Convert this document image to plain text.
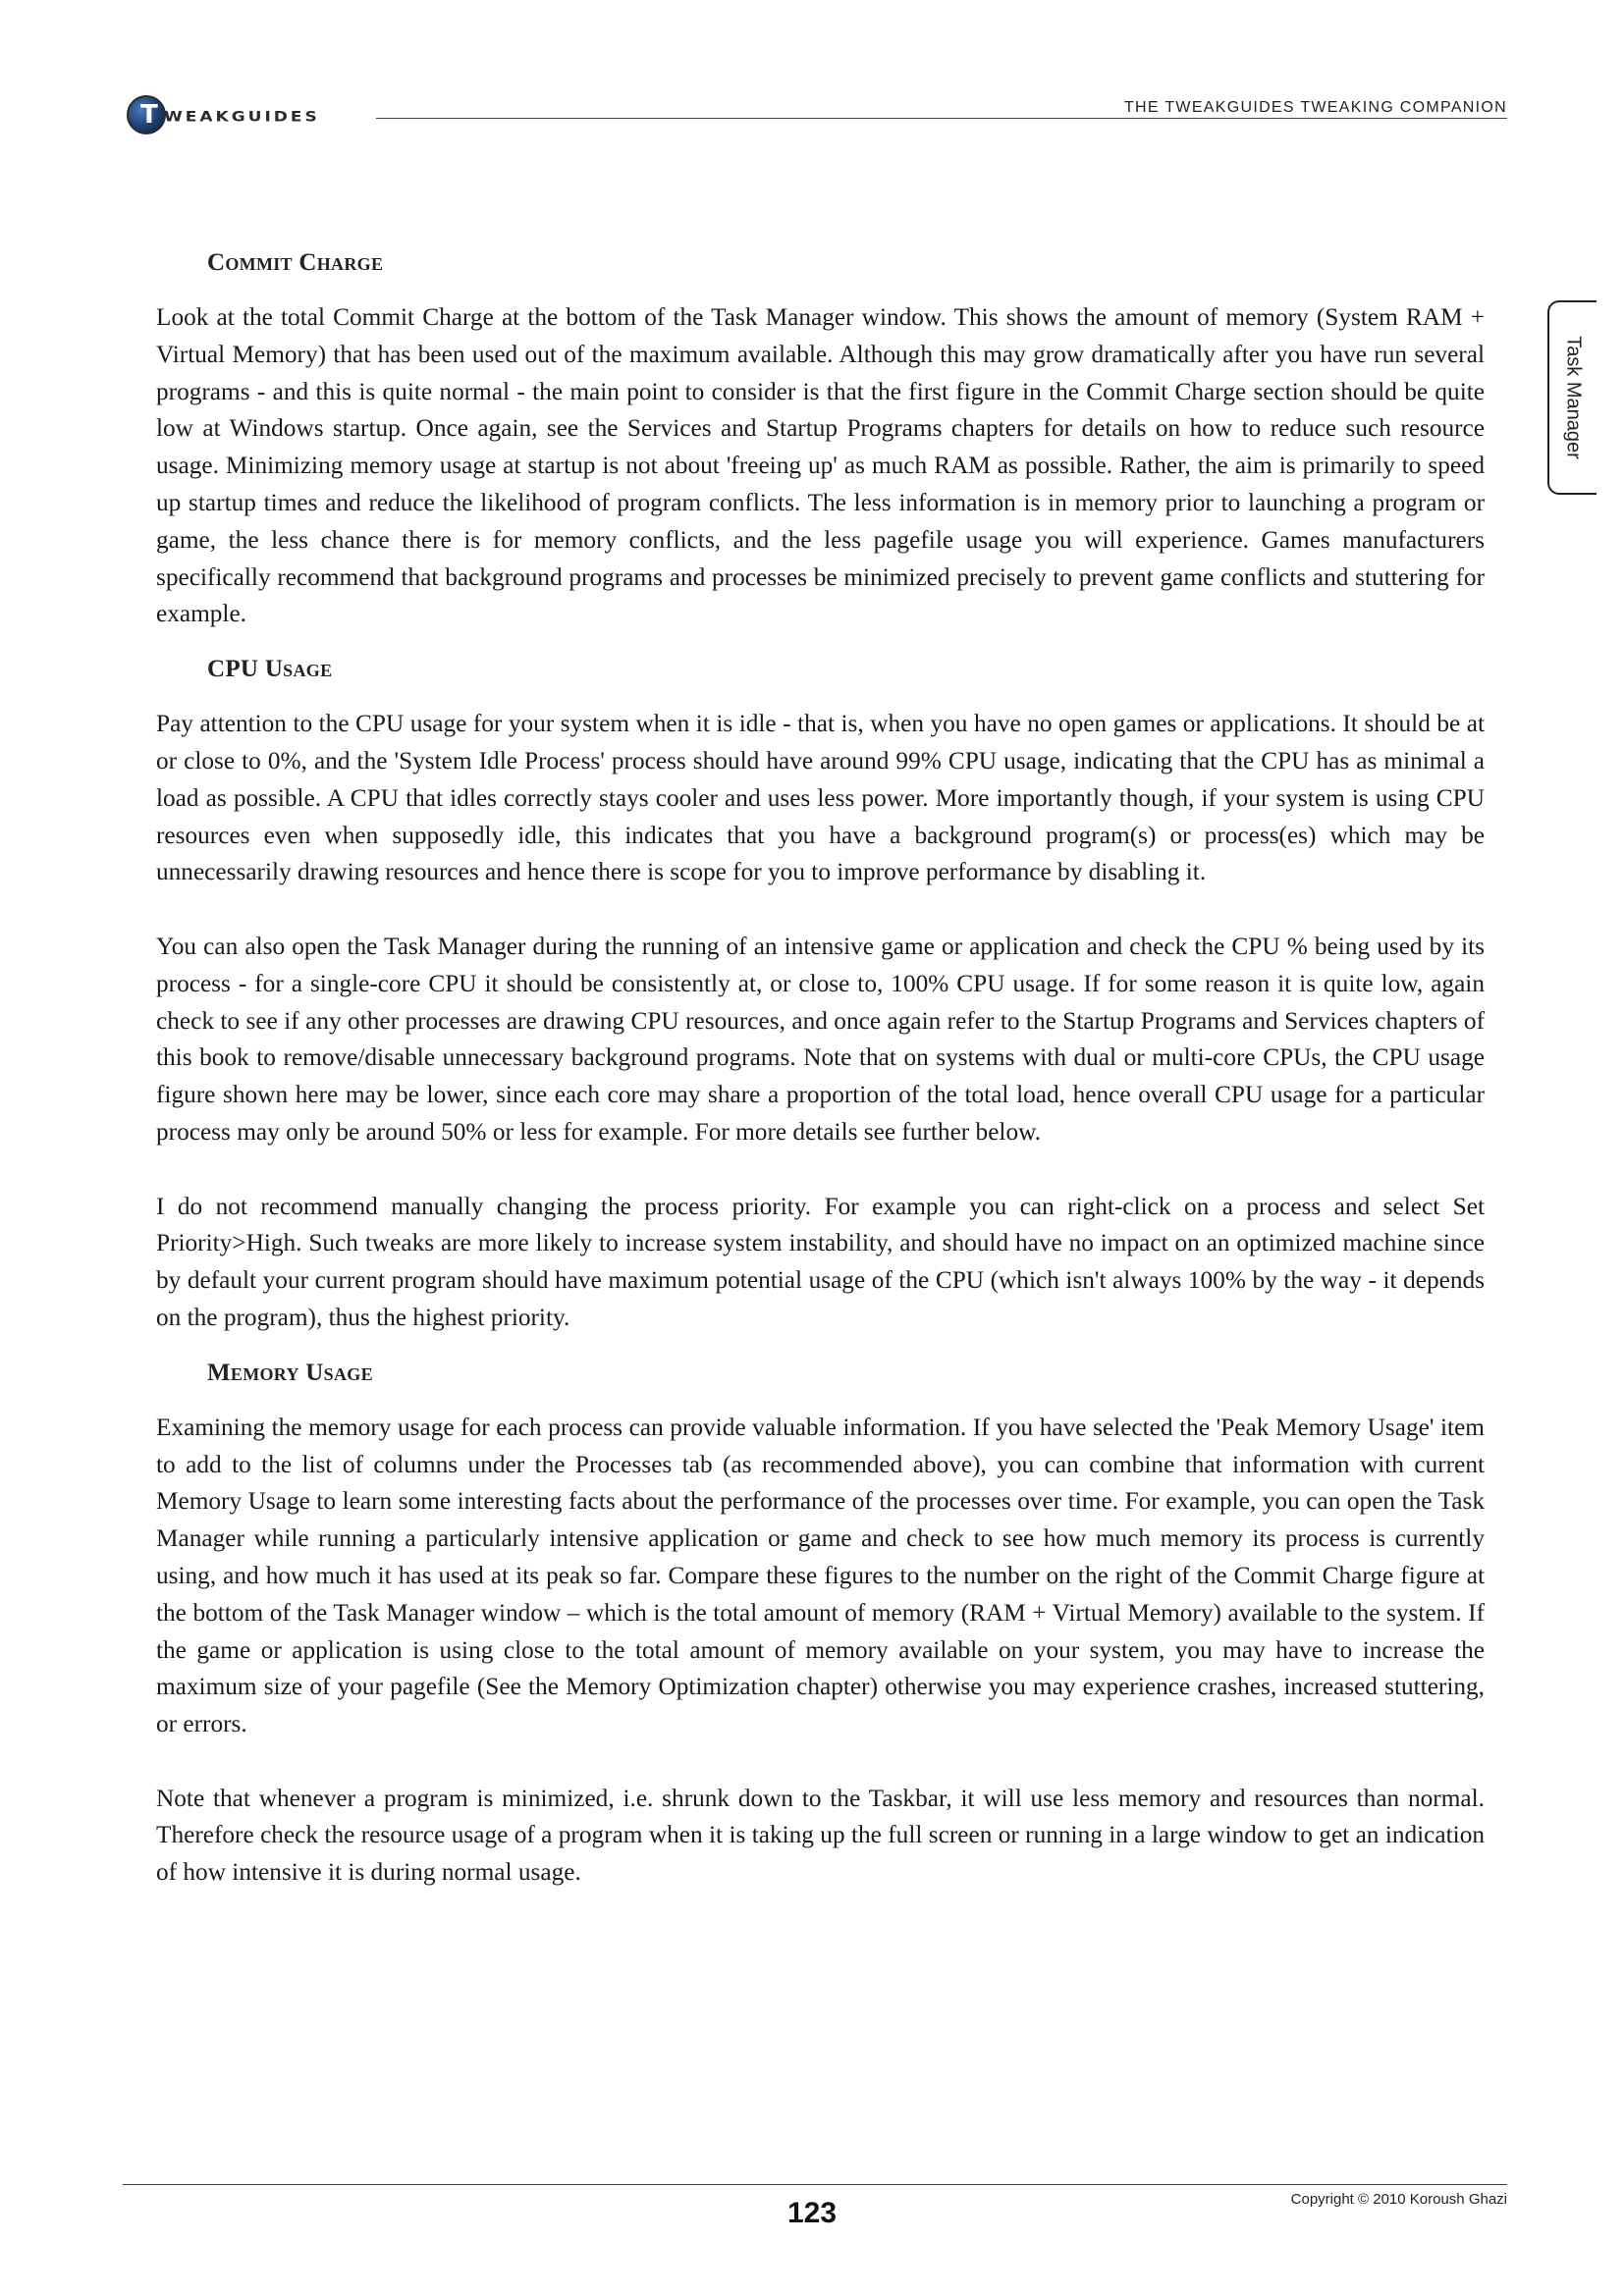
T WEAKGUIDES
THE TWEAKGUIDES TWEAKING COMPANION
Task Manager
Commit Charge

Look at the total Commit Charge at the bottom of the Task Manager window. This shows the amount of memory (System RAM + Virtual Memory) that has been used out of the maximum available. Although this may grow dramatically after you have run several programs - and this is quite normal - the main point to consider is that the first figure in the Commit Charge section should be quite low at Windows startup. Once again, see the Services and Startup Programs chapters for details on how to reduce such resource usage. Minimizing memory usage at startup is not about 'freeing up' as much RAM as possible. Rather, the aim is primarily to speed up startup times and reduce the likelihood of program conflicts. The less information is in memory prior to launching a program or game, the less chance there is for memory conflicts, and the less pagefile usage you will experience. Games manufacturers specifically recommend that background programs and processes be minimized precisely to prevent game conflicts and stuttering for example.

CPU Usage

Pay attention to the CPU usage for your system when it is idle - that is, when you have no open games or applications. It should be at or close to 0%, and the 'System Idle Process' process should have around 99% CPU usage, indicating that the CPU has as minimal a load as possible. A CPU that idles correctly stays cooler and uses less power. More importantly though, if your system is using CPU resources even when supposedly idle, this indicates that you have a background program(s) or process(es) which may be unnecessarily drawing resources and hence there is scope for you to improve performance by disabling it.

You can also open the Task Manager during the running of an intensive game or application and check the CPU % being used by its process - for a single-core CPU it should be consistently at, or close to, 100% CPU usage. If for some reason it is quite low, again check to see if any other processes are drawing CPU resources, and once again refer to the Startup Programs and Services chapters of this book to remove/disable unnecessary background programs. Note that on systems with dual or multi-core CPUs, the CPU usage figure shown here may be lower, since each core may share a proportion of the total load, hence overall CPU usage for a particular process may only be around 50% or less for example. For more details see further below.

I do not recommend manually changing the process priority. For example you can right-click on a process and select Set Priority>High. Such tweaks are more likely to increase system instability, and should have no impact on an optimized machine since by default your current program should have maximum potential usage of the CPU (which isn't always 100% by the way - it depends on the program), thus the highest priority.

Memory Usage

Examining the memory usage for each process can provide valuable information. If you have selected the 'Peak Memory Usage' item to add to the list of columns under the Processes tab (as recommended above), you can combine that information with current Memory Usage to learn some interesting facts about the performance of the processes over time. For example, you can open the Task Manager while running a particularly intensive application or game and check to see how much memory its process is currently using, and how much it has used at its peak so far. Compare these figures to the number on the right of the Commit Charge figure at the bottom of the Task Manager window – which is the total amount of memory (RAM + Virtual Memory) available to the system. If the game or application is using close to the total amount of memory available on your system, you may have to increase the maximum size of your pagefile (See the Memory Optimization chapter) otherwise you may experience crashes, increased stuttering, or errors.

Note that whenever a program is minimized, i.e. shrunk down to the Taskbar, it will use less memory and resources than normal. Therefore check the resource usage of a program when it is taking up the full screen or running in a large window to get an indication of how intensive it is during normal usage.

Copyright © 2010 Koroush Ghazi
123
